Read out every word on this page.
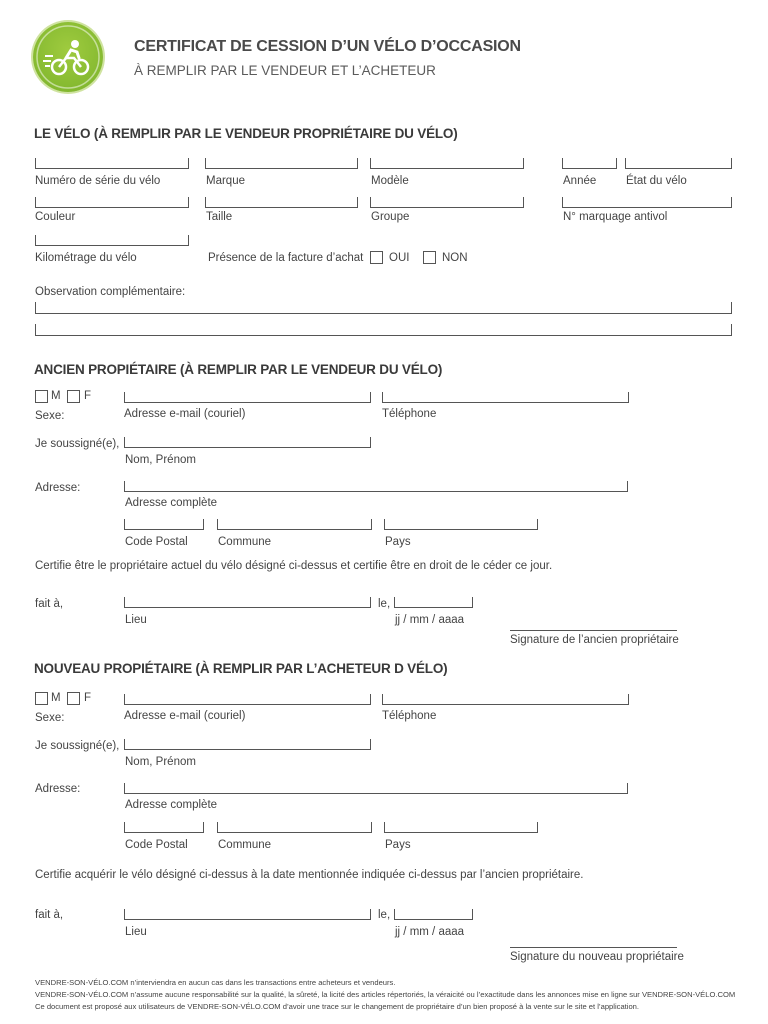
CERTIFICAT DE CESSION D’UN VÉLO D’OCCASION
À REMPLIR PAR LE VENDEUR ET L’ACHETEUR
LE VÉLO (À REMPLIR PAR LE VENDEUR PROPRIÉTAIRE DU VÉLO)
Numéro de série du vélo	Marque	Modèle	Année	État du vélo
Couleur	Taille	Groupe	N° marquage antivol
Kilométrage du vélo	Présence de la facture d’achat OUI	NON
Observation complémentaire:
ANCIEN PROPIÉTAIRE (À REMPLIR PAR LE VENDEUR DU VÉLO)
M F
Sexe:	Adresse e-mail (couriel)	Téléphone
Je soussigné(e),
Nom, Prénom
Adresse:
Adresse complète
Code Postal	Commune	Pays
Certifie être le propriétaire actuel du vélo désigné ci-dessus et certifie être en droit de le céder ce jour.
fait à,
Lieu
le,
jj / mm / aaaa
Signature de l’ancien propriétaire
NOUVEAU PROPIÉTAIRE (À REMPLIR PAR L’ACHETEUR D VÉLO)
M F
Sexe:	Adresse e-mail (couriel)	Téléphone
Je soussigné(e),
Nom, Prénom
Adresse:
Adresse complète
Code Postal	Commune	Pays
Certifie acquérir le vélo désigné ci-dessus à la date mentionnée indiquée ci-dessus par l’ancien propriétaire.
fait à,
Lieu
le,
jj / mm / aaaa
Signature du nouveau propriétaire
VENDRE-SON-VÉLO.COM n’interviendra en aucun cas dans les transactions entre acheteurs et vendeurs.
VENDRE-SON-VÉLO.COM n’assume aucune responsabilité sur la qualité, la sûreté, la licité des articles répertoriés, la véraicité ou l’exactitude dans les annonces mise en ligne sur VENDRE-SON-VÉLO.COM
Ce document est proposé aux utilisateurs de VENDRE-SON-VÉLO.COM d’avoir une trace sur le changement de propriétaire d’un bien proposé à la vente sur le site et l’application.
